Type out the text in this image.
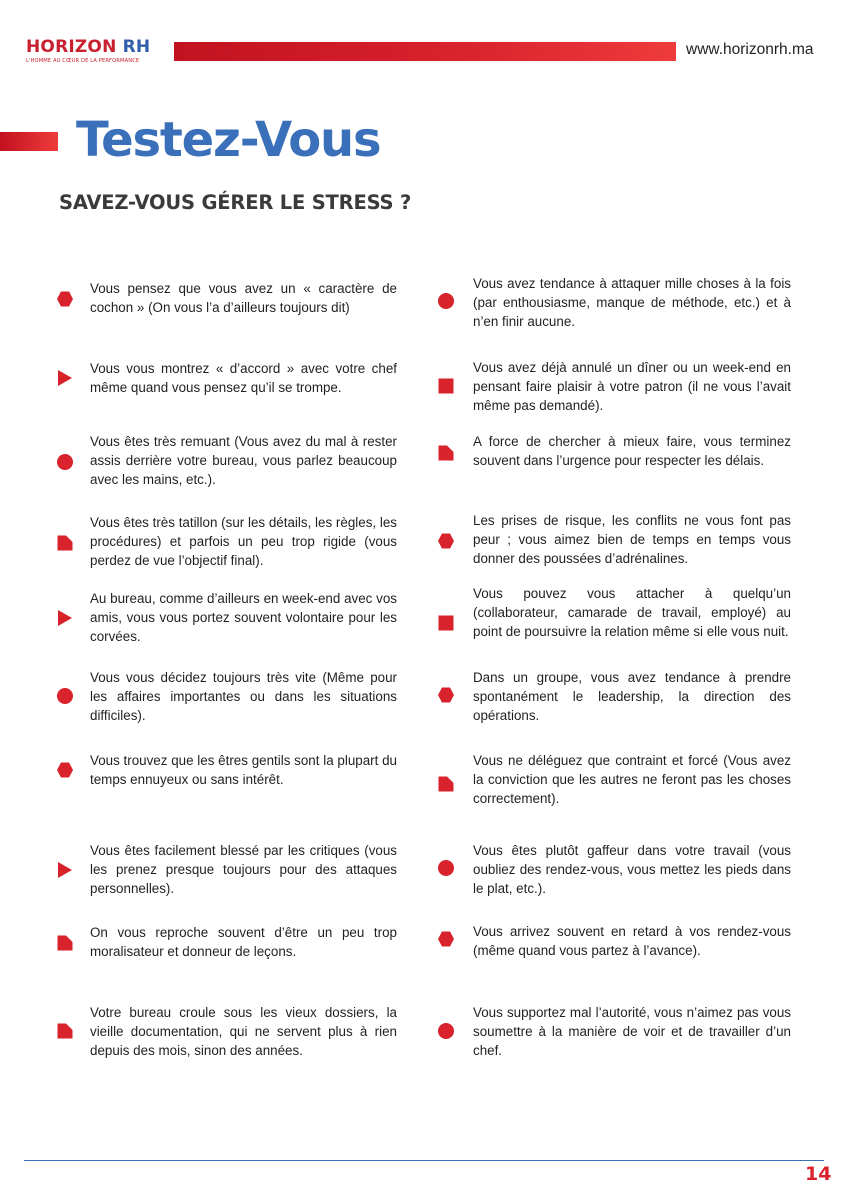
HORIZON RH
L'HOMME AU CŒUR DE LA PERFORMANCE
www.horizonrh.ma
Testez-Vous
SAVEZ-VOUS GÉRER LE STRESS ?
Vous pensez que vous avez un « caractère de cochon » (On vous l’a d’ailleurs toujours dit)
Vous vous montrez « d’accord » avec votre chef même quand vous pensez qu’il se trompe.
Vous êtes très remuant (Vous avez du mal à rester assis derrière votre bureau, vous parlez beaucoup avec les mains, etc.).
Vous êtes très tatillon (sur les détails, les règles, les procédures) et parfois un peu trop rigide (vous perdez de vue l’objectif final).
Au bureau, comme d’ailleurs en week-end avec vos amis, vous vous portez souvent volontaire pour les corvées.
Vous vous décidez toujours très vite (Même pour les affaires importantes ou dans les situations difficiles).
Vous trouvez que les êtres gentils sont la plupart du temps ennuyeux ou sans intérêt.
Vous êtes facilement blessé par les critiques (vous les prenez presque toujours pour des attaques personnelles).
On vous reproche souvent d’être un peu trop moralisateur et donneur de leçons.
Votre bureau croule sous les vieux dossiers, la vieille documentation, qui ne servent plus à rien depuis des mois, sinon des années.
Vous avez tendance à attaquer mille choses à la fois (par enthousiasme, manque de méthode, etc.) et à n’en finir aucune.
Vous avez déjà annulé un dîner ou un week-end en pensant faire plaisir à votre patron (il ne vous l’avait même pas demandé).
A force de chercher à mieux faire, vous terminez souvent dans l’urgence pour respecter les délais.
Les prises de risque, les conflits ne vous font pas peur ; vous aimez bien de temps en temps vous donner des poussées d’adrénalines.
Vous pouvez vous attacher à quelqu’un (collaborateur, camarade de travail, employé) au point de poursuivre la relation même si elle vous nuit.
Dans un groupe, vous avez tendance à prendre spontanément le leadership, la direction des opérations.
Vous ne déléguez que contraint et forcé (Vous avez la conviction que les autres ne feront pas les choses correctement).
Vous êtes plutôt gaffeur dans votre travail (vous oubliez des rendez-vous, vous mettez les pieds dans le plat, etc.).
Vous arrivez souvent en retard à vos rendez-vous (même quand vous partez à l’avance).
Vous supportez mal l’autorité, vous n’aimez pas vous soumettre à la manière de voir et de travailler d’un chef.
14
